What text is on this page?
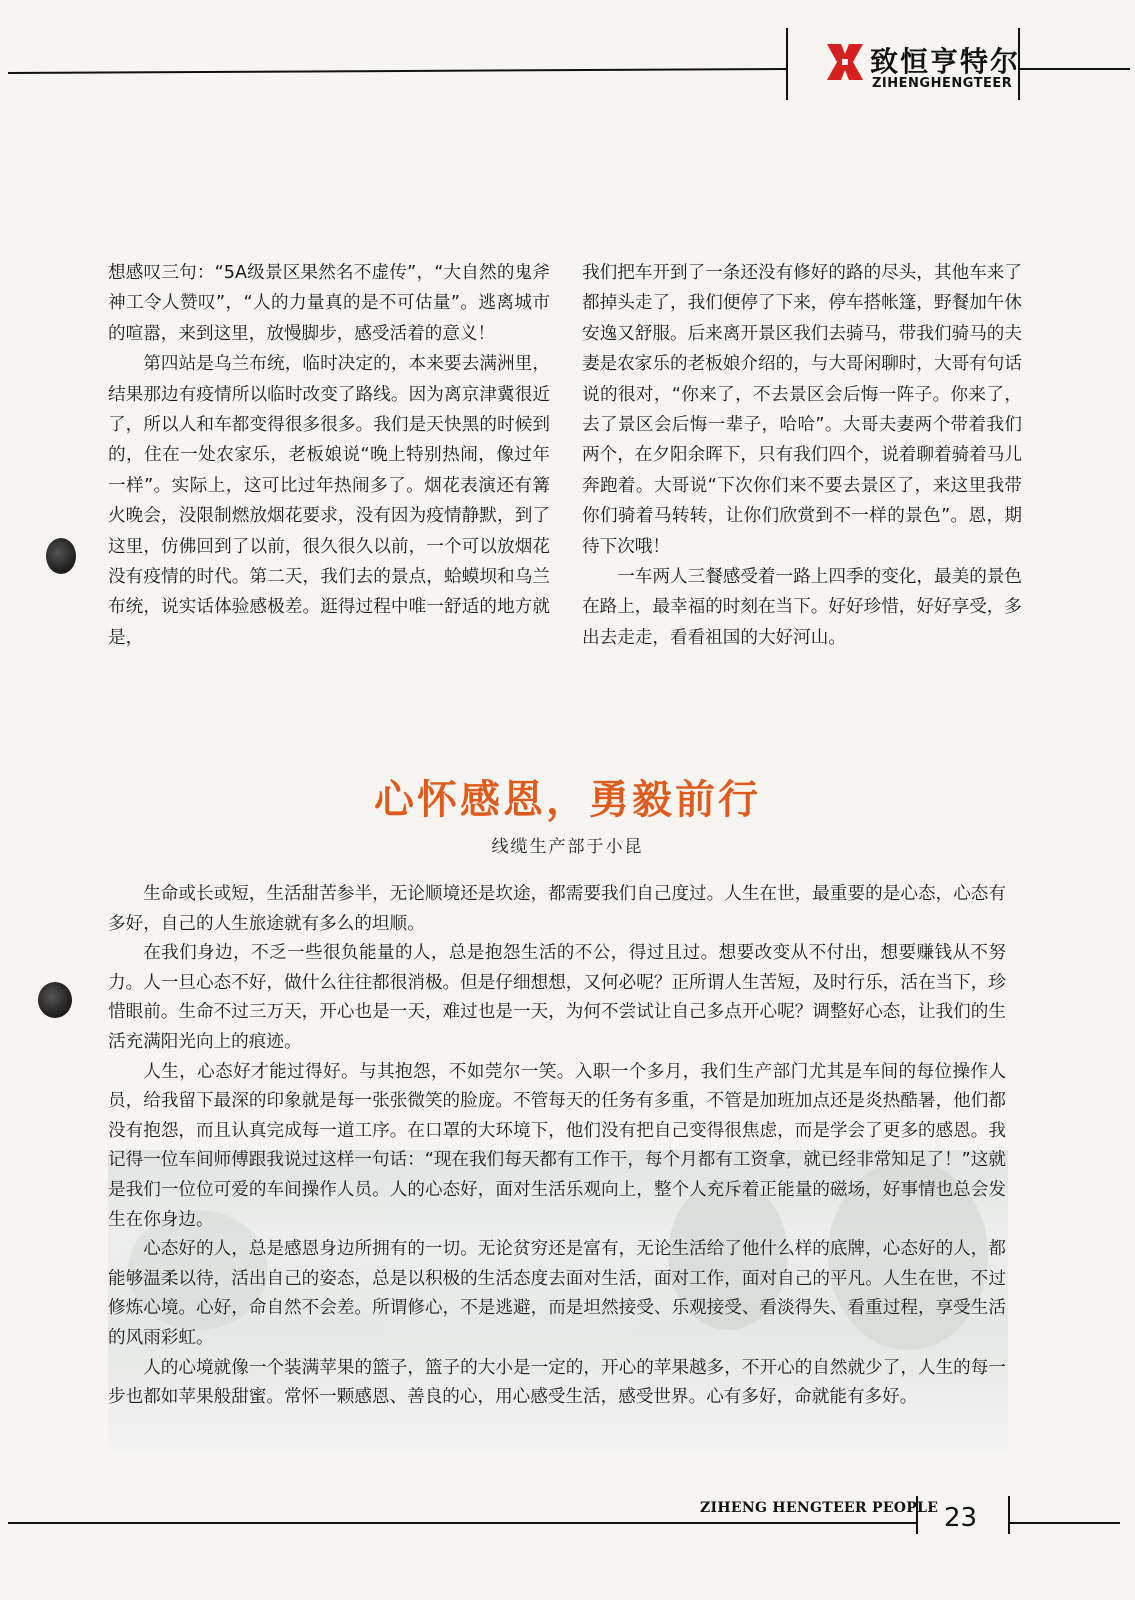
致恒亨特尔
ZIHENGHENGTEER

想感叹三句：“5A级景区果然名不虚传”，“大自然的鬼斧神工令人赞叹”，“人的力量真的是不可估量”。逃离城市的喧嚣，来到这里，放慢脚步，感受活着的意义！

第四站是乌兰布统，临时决定的，本来要去满洲里，结果那边有疫情所以临时改变了路线。因为离京津冀很近了，所以人和车都变得很多很多。我们是天快黑的时候到的，住在一处农家乐，老板娘说“晚上特别热闹，像过年一样”。实际上，这可比过年热闹多了。烟花表演还有篝火晚会，没限制燃放烟花要求，没有因为疫情静默，到了这里，仿佛回到了以前，很久很久以前，一个可以放烟花没有疫情的时代。第二天，我们去的景点，蛤蟆坝和乌兰布统，说实话体验感极差。逛得过程中唯一舒适的地方就是，

我们把车开到了一条还没有修好的路的尽头，其他车来了都掉头走了，我们便停了下来，停车搭帐篷，野餐加午休安逸又舒服。后来离开景区我们去骑马，带我们骑马的夫妻是农家乐的老板娘介绍的，与大哥闲聊时，大哥有句话说的很对，“你来了，不去景区会后悔一阵子。你来了，去了景区会后悔一辈子，哈哈”。大哥夫妻两个带着我们两个，在夕阳余晖下，只有我们四个，说着聊着骑着马儿奔跑着。大哥说“下次你们来不要去景区了，来这里我带你们骑着马转转，让你们欣赏到不一样的景色”。恩，期待下次哦！

一车两人三餐感受着一路上四季的变化，最美的景色在路上，最幸福的时刻在当下。好好珍惜，好好享受，多出去走走，看看祖国的大好河山。

心怀感恩，勇毅前行
线缆生产部于小昆

生命或长或短，生活甜苦参半，无论顺境还是坎途，都需要我们自己度过。人生在世，最重要的是心态，心态有多好，自己的人生旅途就有多么的坦顺。

在我们身边，不乏一些很负能量的人，总是抱怨生活的不公，得过且过。想要改变从不付出，想要赚钱从不努力。人一旦心态不好，做什么往往都很消极。但是仔细想想，又何必呢？正所谓人生苦短，及时行乐，活在当下，珍惜眼前。生命不过三万天，开心也是一天，难过也是一天，为何不尝试让自己多点开心呢？调整好心态，让我们的生活充满阳光向上的痕迹。

人生，心态好才能过得好。与其抱怨，不如莞尔一笑。入职一个多月，我们生产部门尤其是车间的每位操作人员，给我留下最深的印象就是每一张张微笑的脸庞。不管每天的任务有多重，不管是加班加点还是炎热酷暑，他们都没有抱怨，而且认真完成每一道工序。在口罩的大环境下，他们没有把自己变得很焦虑，而是学会了更多的感恩。我记得一位车间师傅跟我说过这样一句话：“现在我们每天都有工作干，每个月都有工资拿，就已经非常知足了！”这就是我们一位位可爱的车间操作人员。人的心态好，面对生活乐观向上，整个人充斥着正能量的磁场，好事情也总会发生在你身边。

心态好的人，总是感恩身边所拥有的一切。无论贫穷还是富有，无论生活给了他什么样的底牌，心态好的人，都能够温柔以待，活出自己的姿态，总是以积极的生活态度去面对生活，面对工作，面对自己的平凡。人生在世，不过修炼心境。心好，命自然不会差。所谓修心，不是逃避，而是坦然接受、乐观接受、看淡得失、看重过程，享受生活的风雨彩虹。

人的心境就像一个装满苹果的篮子，篮子的大小是一定的，开心的苹果越多，不开心的自然就少了，人生的每一步也都如苹果般甜蜜。常怀一颗感恩、善良的心，用心感受生活，感受世界。心有多好，命就能有多好。

ZIHENG HENGTEER PEOPLE 23
